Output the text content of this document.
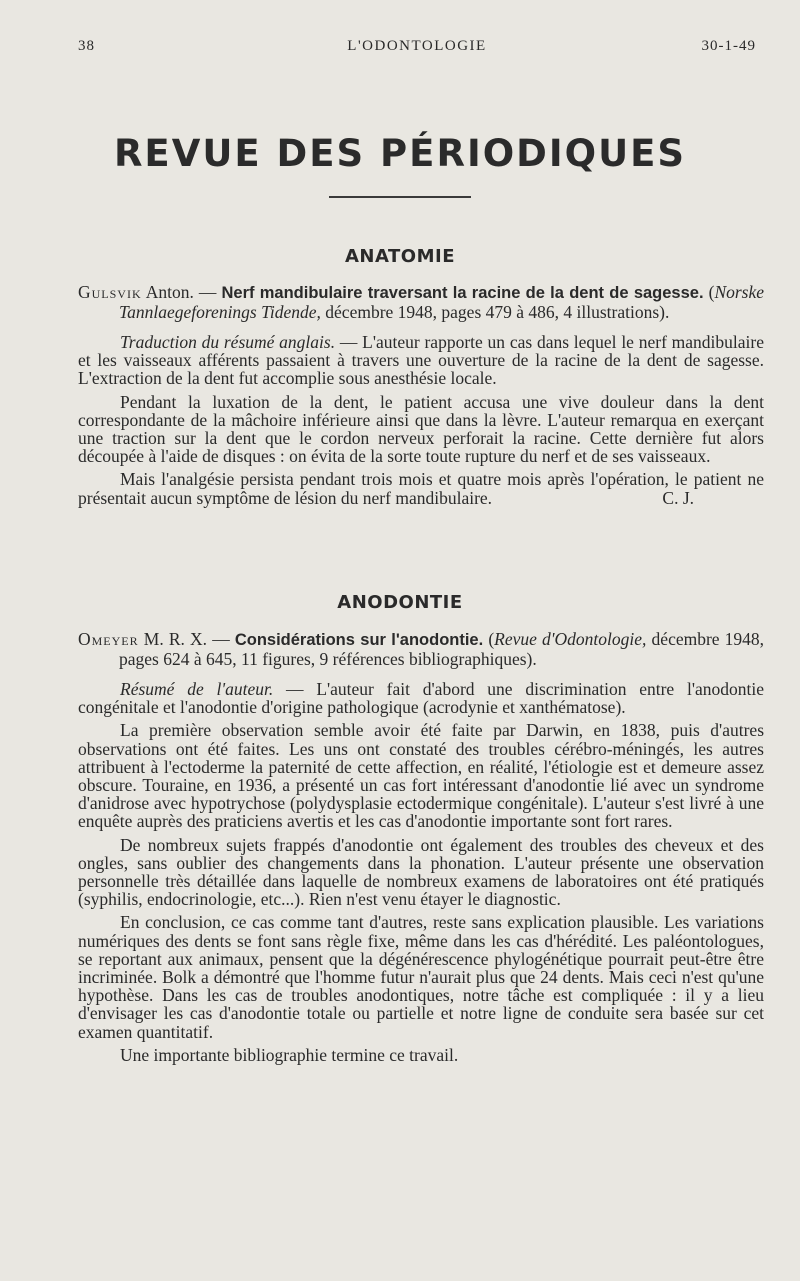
38	L'ODONTOLOGIE	30-1-49
REVUE DES PÉRIODIQUES
ANATOMIE

Gulsvik Anton. — Nerf mandibulaire traversant la racine de la dent de sagesse. (Norske Tannlaegeforenings Tidende, décembre 1948, pages 479 à 486, 4 illustrations).

Traduction du résumé anglais. — L'auteur rapporte un cas dans lequel le nerf mandibulaire et les vaisseaux afférents passaient à travers une ouverture de la racine de la dent de sagesse. L'extraction de la dent fut accomplie sous anesthésie locale.

Pendant la luxation de la dent, le patient accusa une vive douleur dans la dent correspondante de la mâchoire inférieure ainsi que dans la lèvre. L'auteur remarqua en exerçant une traction sur la dent que le cordon nerveux perforait la racine. Cette dernière fut alors découpée à l'aide de disques : on évita de la sorte toute rupture du nerf et de ses vaisseaux.

Mais l'analgésie persista pendant trois mois et quatre mois après l'opération, le patient ne présentait aucun symptôme de lésion du nerf mandibulaire.	C. J.

ANODONTIE

Omeyer M. R. X. — Considérations sur l'anodontie. (Revue d'Odontologie, décembre 1948, pages 624 à 645, 11 figures, 9 références bibliographiques).

Résumé de l'auteur. — L'auteur fait d'abord une discrimination entre l'anodontie congénitale et l'anodontie d'origine pathologique (acrodynie et xanthématose).

La première observation semble avoir été faite par Darwin, en 1838, puis d'autres observations ont été faites. Les uns ont constaté des troubles cérébro-méningés, les autres attribuent à l'ectoderme la paternité de cette affection, en réalité, l'étiologie est et demeure assez obscure. Touraine, en 1936, a présenté un cas fort intéressant d'anodontie lié avec un syndrome d'anidrose avec hypotrychose (polydysplasie ectodermique congénitale). L'auteur s'est livré à une enquête auprès des praticiens avertis et les cas d'anodontie importante sont fort rares.

De nombreux sujets frappés d'anodontie ont également des troubles des cheveux et des ongles, sans oublier des changements dans la phonation. L'auteur présente une observation personnelle très détaillée dans laquelle de nombreux examens de laboratoires ont été pratiqués (syphilis, endocrinologie, etc...). Rien n'est venu étayer le diagnostic.

En conclusion, ce cas comme tant d'autres, reste sans explication plausible. Les variations numériques des dents se font sans règle fixe, même dans les cas d'hérédité. Les paléontologues, se reportant aux animaux, pensent que la dégénérescence phylogénétique pourrait peut-être être incriminée. Bolk a démontré que l'homme futur n'aurait plus que 24 dents. Mais ceci n'est qu'une hypothèse. Dans les cas de troubles anodontiques, notre tâche est compliquée : il y a lieu d'envisager les cas d'anodontie totale ou partielle et notre ligne de conduite sera basée sur cet examen quantitatif.

Une importante bibliographie termine ce travail.
